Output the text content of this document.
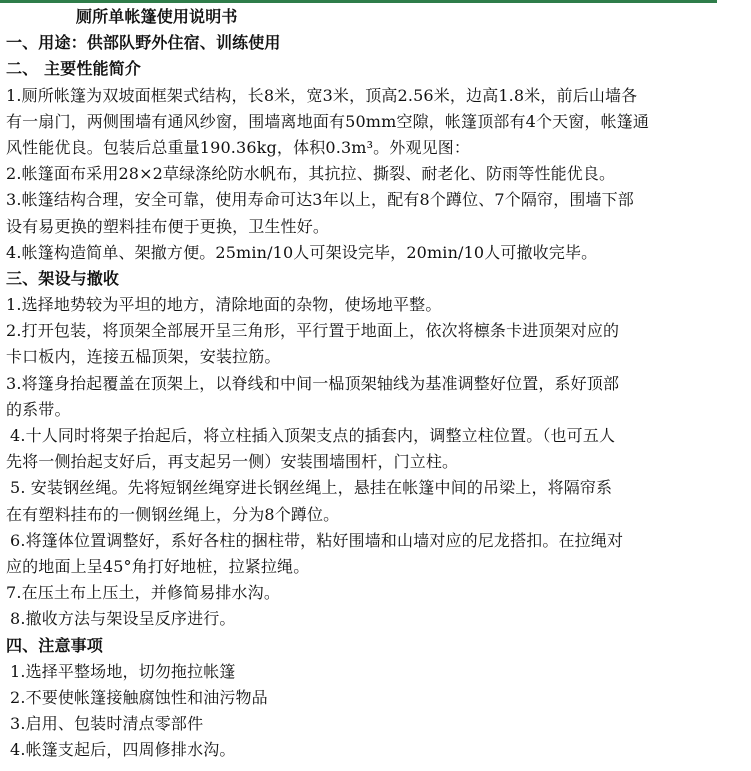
厕所单帐篷使用说明书
一、用途：供部队野外住宿、训练使用
二、 主要性能简介
1.厕所帐篷为双坡面框架式结构，长8米，宽3米，顶高2.56米，边高1.8米，前后山墙各
有一扇门，两侧围墙有通风纱窗，围墙离地面有50mm空隙，帐篷顶部有4个天窗，帐篷通
风性能优良。包装后总重量190.36kg，体积0.3m³。外观见图：
2.帐篷面布采用28×2草绿涤纶防水帆布，其抗拉、撕裂、耐老化、防雨等性能优良。
3.帐篷结构合理，安全可靠，使用寿命可达3年以上，配有8个蹲位、7个隔帘，围墙下部
设有易更换的塑料挂布便于更换，卫生性好。
4.帐篷构造简单、架撤方便。25min/10人可架设完毕，20min/10人可撤收完毕。
三、架设与撤收
1.选择地势较为平坦的地方，清除地面的杂物，使场地平整。
2.打开包装，将顶架全部展开呈三角形，平行置于地面上，依次将檩条卡进顶架对应的
卡口板内，连接五榀顶架，安装拉筋。
3.将篷身抬起覆盖在顶架上，以脊线和中间一榀顶架轴线为基准调整好位置，系好顶部
的系带。
4.十人同时将架子抬起后，将立柱插入顶架支点的插套内，调整立柱位置。（也可五人
先将一侧抬起支好后，再支起另一侧）安装围墙围杆，门立柱。
5. 安装钢丝绳。先将短钢丝绳穿进长钢丝绳上，悬挂在帐篷中间的吊梁上，将隔帘系
在有塑料挂布的一侧钢丝绳上，分为8个蹲位。
6.将篷体位置调整好，系好各柱的捆柱带，粘好围墙和山墙对应的尼龙搭扣。在拉绳对
应的地面上呈45°角打好地桩，拉紧拉绳。
7.在压土布上压土，并修简易排水沟。
8.撤收方法与架设呈反序进行。
四、注意事项
1.选择平整场地，切勿拖拉帐篷
2.不要使帐篷接触腐蚀性和油污物品
3.启用、包装时清点零部件
4.帐篷支起后，四周修排水沟。
